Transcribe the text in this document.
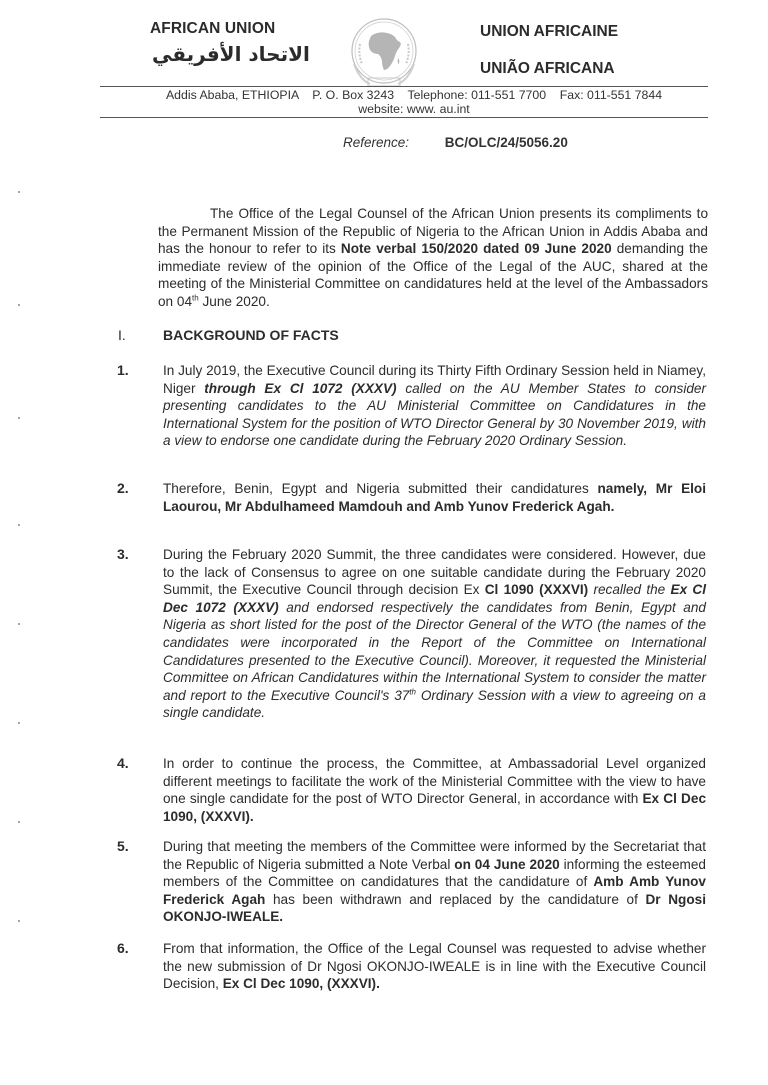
AFRICAN UNION
الاتحاد الأفريقي
UNION AFRICAINE
UNIÃO AFRICANA
Addis Ababa, ETHIOPIA    P. O. Box 3243    Telephone: 011-551 7700    Fax: 011-551 7844
website: www. au.int
Reference:	BC/OLC/24/5056.20
The Office of the Legal Counsel of the African Union presents its compliments to the Permanent Mission of the Republic of Nigeria to the African Union in Addis Ababa and has the honour to refer to its Note verbal 150/2020 dated 09 June 2020 demanding the immediate review of the opinion of the Office of the Legal of the AUC, shared at the meeting of the Ministerial Committee on candidatures held at the level of the Ambassadors on 04th June 2020.
I.	BACKGROUND OF FACTS
1.	In July 2019, the Executive Council during its Thirty Fifth Ordinary Session held in Niamey, Niger through Ex Cl 1072 (XXXV) called on the AU Member States to consider presenting candidates to the AU Ministerial Committee on Candidatures in the International System for the position of WTO Director General by 30 November 2019, with a view to endorse one candidate during the February 2020 Ordinary Session.
2.	Therefore, Benin, Egypt and Nigeria submitted their candidatures namely, Mr Eloi Laourou, Mr Abdulhameed Mamdouh and Amb Yunov Frederick Agah.
3.	During the February 2020 Summit, the three candidates were considered. However, due to the lack of Consensus to agree on one suitable candidate during the February 2020 Summit, the Executive Council through decision Ex Cl 1090 (XXXVI) recalled the Ex Cl Dec 1072 (XXXV) and endorsed respectively the candidates from Benin, Egypt and Nigeria as short listed for the post of the Director General of the WTO (the names of the candidates were incorporated in the Report of the Committee on International Candidatures presented to the Executive Council). Moreover, it requested the Ministerial Committee on African Candidatures within the International System to consider the matter and report to the Executive Council's 37th Ordinary Session with a view to agreeing on a single candidate.
4.	In order to continue the process, the Committee, at Ambassadorial Level organized different meetings to facilitate the work of the Ministerial Committee with the view to have one single candidate for the post of WTO Director General, in accordance with Ex Cl Dec 1090, (XXXVI).
5.	During that meeting the members of the Committee were informed by the Secretariat that the Republic of Nigeria submitted a Note Verbal on 04 June 2020 informing the esteemed members of the Committee on candidatures that the candidature of Amb Amb Yunov Frederick Agah has been withdrawn and replaced by the candidature of Dr Ngosi OKONJO-IWEALE.
6.	From that information, the Office of the Legal Counsel was requested to advise whether the new submission of Dr Ngosi OKONJO-IWEALE is in line with the Executive Council Decision, Ex Cl Dec 1090, (XXXVI).
